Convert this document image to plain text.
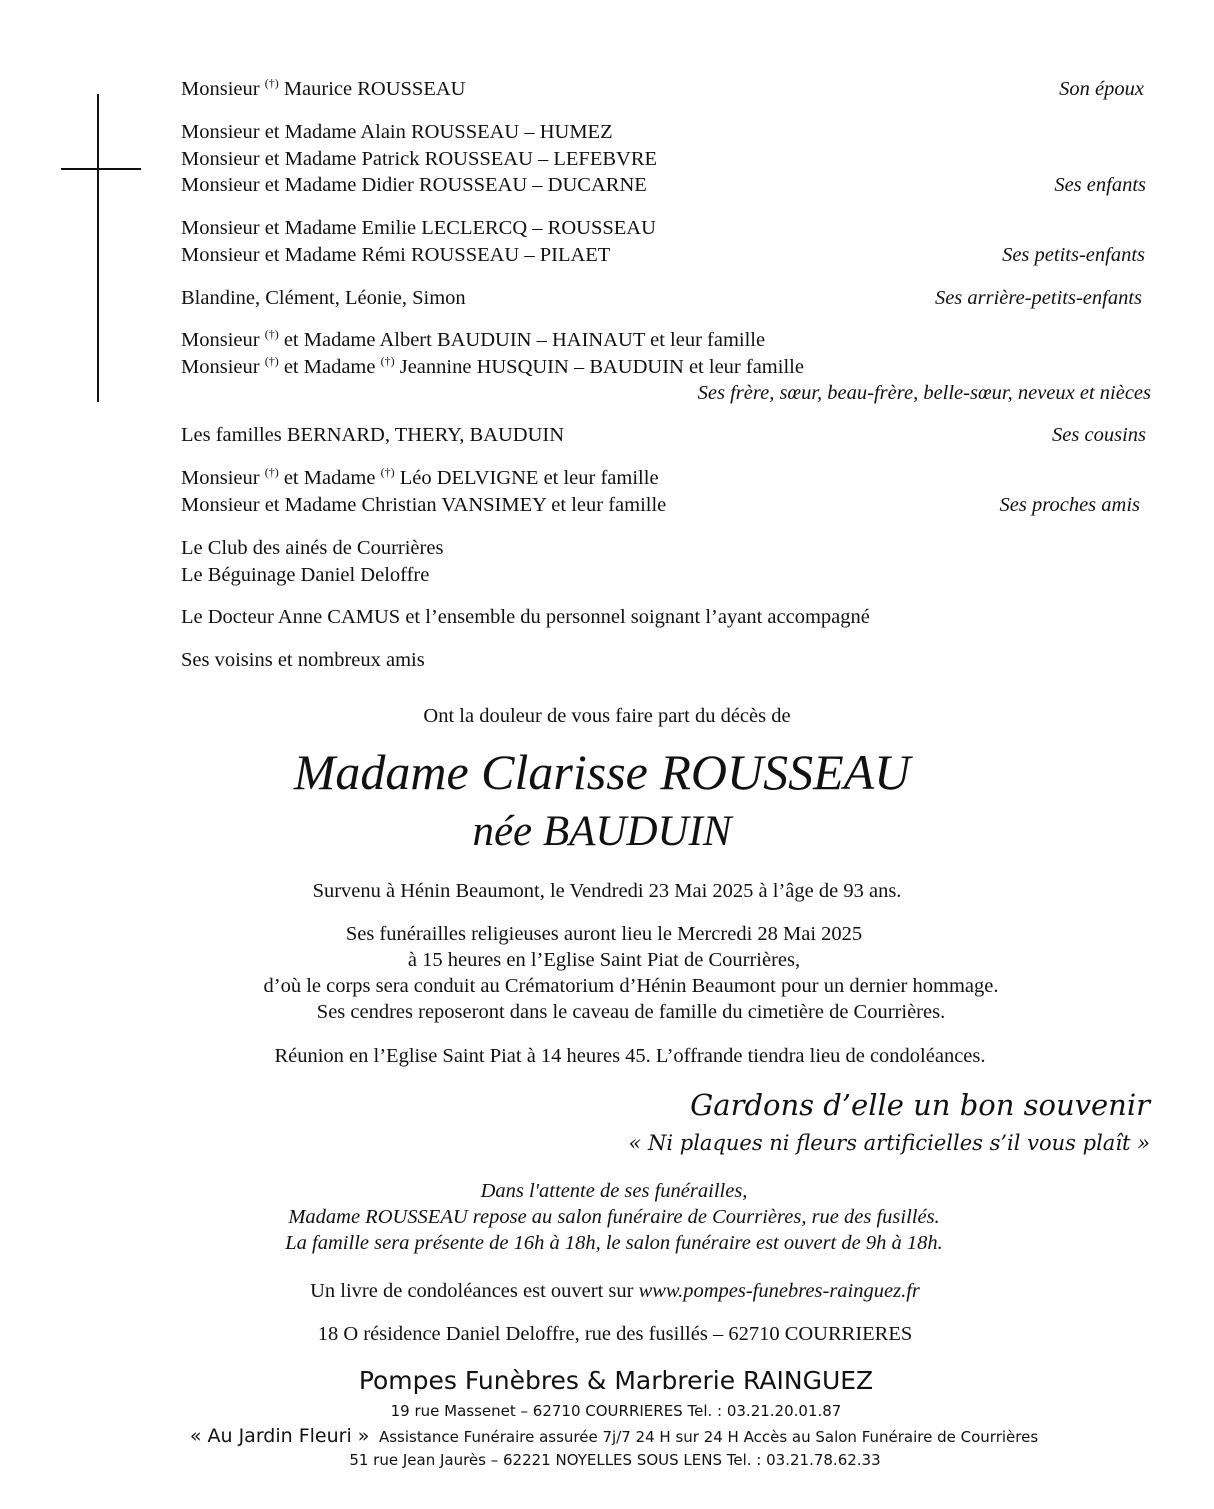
Monsieur (†) Maurice ROUSSEAU	Son époux
Monsieur et Madame Alain ROUSSEAU – HUMEZ
Monsieur et Madame Patrick ROUSSEAU – LEFEBVRE
Monsieur et Madame Didier ROUSSEAU – DUCARNE	Ses enfants
Monsieur et Madame Emilie LECLERCQ – ROUSSEAU
Monsieur et Madame Rémi ROUSSEAU – PILAET	Ses petits-enfants
Blandine, Clément, Léonie, Simon	Ses arrière-petits-enfants
Monsieur (†) et Madame Albert BAUDUIN – HAINAUT et leur famille
Monsieur (†) et Madame (†) Jeannine HUSQUIN – BAUDUIN et leur famille
Ses frère, sœur, beau-frère, belle-sœur, neveux et nièces
Les familles BERNARD, THERY, BAUDUIN	Ses cousins
Monsieur (†) et Madame (†) Léo DELVIGNE et leur famille
Monsieur et Madame Christian VANSIMEY et leur famille	Ses proches amis
Le Club des ainés de Courrières
Le Béguinage Daniel Deloffre
Le Docteur Anne CAMUS et l’ensemble du personnel soignant l’ayant accompagné
Ses voisins et nombreux amis
Ont la douleur de vous faire part du décès de
Madame Clarisse ROUSSEAU
née BAUDUIN
Survenu à Hénin Beaumont, le Vendredi 23 Mai 2025 à l’âge de 93 ans.
Ses funérailles religieuses auront lieu le Mercredi 28 Mai 2025
à 15 heures en l’Eglise Saint Piat de Courrières,
d’où le corps sera conduit au Crématorium d’Hénin Beaumont pour un dernier hommage.
Ses cendres reposeront dans le caveau de famille du cimetière de Courrières.
Réunion en l’Eglise Saint Piat à 14 heures 45. L’offrande tiendra lieu de condoléances.
Gardons d’elle un bon souvenir
« Ni plaques ni fleurs artificielles s’il vous plaît »
Dans l'attente de ses funérailles,
Madame ROUSSEAU repose au salon funéraire de Courrières, rue des fusillés.
La famille sera présente de 16h à 18h, le salon funéraire est ouvert de 9h à 18h.
Un livre de condoléances est ouvert sur www.pompes-funebres-rainguez.fr
18 O résidence Daniel Deloffre, rue des fusillés – 62710 COURRIERES
Pompes Funèbres & Marbrerie RAINGUEZ
19 rue Massenet – 62710 COURRIERES Tel. : 03.21.20.01.87
« Au Jardin Fleuri » Assistance Funéraire assurée 7j/7 24 H sur 24 H Accès au Salon Funéraire de Courrières
51 rue Jean Jaurès – 62221 NOYELLES SOUS LENS Tel. : 03.21.78.62.33
